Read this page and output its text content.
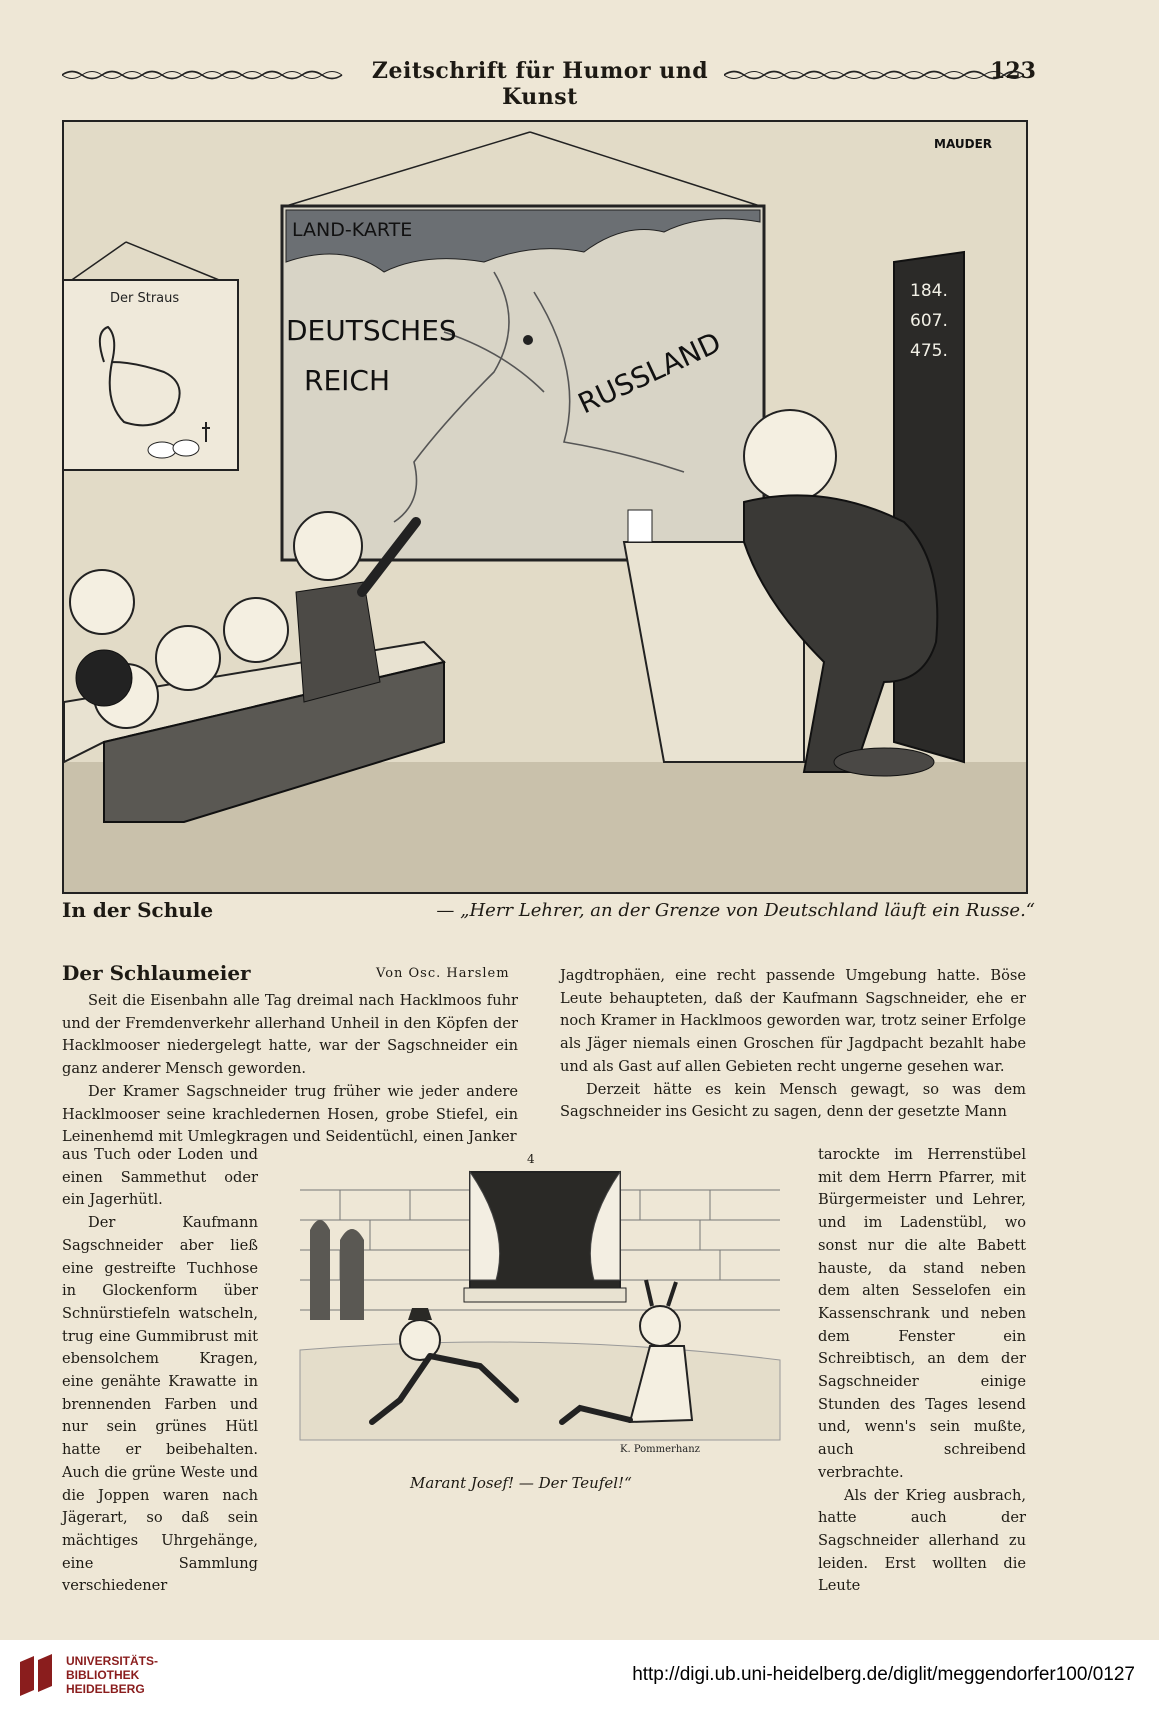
Zeitschrift für Humor und Kunst
123
MAUDER
Der Straus
LAND-KARTE
DEUTSCHES
REICH	RUSSLAND
184.
607.
475.
In der Schule	— „Herr Lehrer, an der Grenze von Deutschland läuft ein Russe.“
Der Schlaumeier	Von Osc. Harslem

Seit die Eisenbahn alle Tag dreimal nach Hacklmoos fuhr und der Fremdenverkehr allerhand Unheil in den Köpfen der Hacklmooser niedergelegt hatte, war der Sagschneider ein ganz anderer Mensch geworden.

Der Kramer Sagschneider trug früher wie jeder andere Hacklmooser seine krachledernen Hosen, grobe Stiefel, ein Leinenhemd mit Umlegkragen und Seidentüchl, einen Janker

aus Tuch oder Loden und einen Sammethut oder ein Jagerhütl.

Der Kaufmann Sagschneider aber ließ eine gestreifte Tuchhose in Glockenform über Schnürstiefeln watscheln, trug eine Gummibrust mit ebensolchem Kragen, eine genähte Krawatte in brennenden Farben und nur sein grünes Hütl hatte er beibehalten. Auch die grüne Weste und die Joppen waren nach Jägerart, so daß sein mächtiges Uhrgehänge, eine Sammlung verschiedener

Jagdtrophäen, eine recht passende Umgebung hatte. Böse Leute behaupteten, daß der Kaufmann Sagschneider, ehe er noch Kramer in Hacklmoos geworden war, trotz seiner Erfolge als Jäger niemals einen Groschen für Jagdpacht bezahlt habe und als Gast auf allen Gebieten recht ungerne gesehen war.

Derzeit hätte es kein Mensch gewagt, so was dem Sagschneider ins Gesicht zu sagen, denn der gesetzte Mann

tarockte im Herrenstübel mit dem Herrn Pfarrer, mit Bürgermeister und Lehrer, und im Ladenstübl, wo sonst nur die alte Babett hauste, da stand neben dem alten Sesselofen ein Kassenschrank und neben dem Fenster ein Schreibtisch, an dem der Sagschneider einige Stunden des Tages lesend und, wenn's sein mußte, auch schreibend verbrachte.

Als der Krieg ausbrach, hatte auch der Sagschneider allerhand zu leiden. Erst wollten die Leute

4
K. Pommerhanz
Marant Josef! — Der Teufel!“
UNIVERSITÄTS-
BIBLIOTHEK
HEIDELBERG
http://digi.ub.uni-heidelberg.de/diglit/meggendorfer100/0127
